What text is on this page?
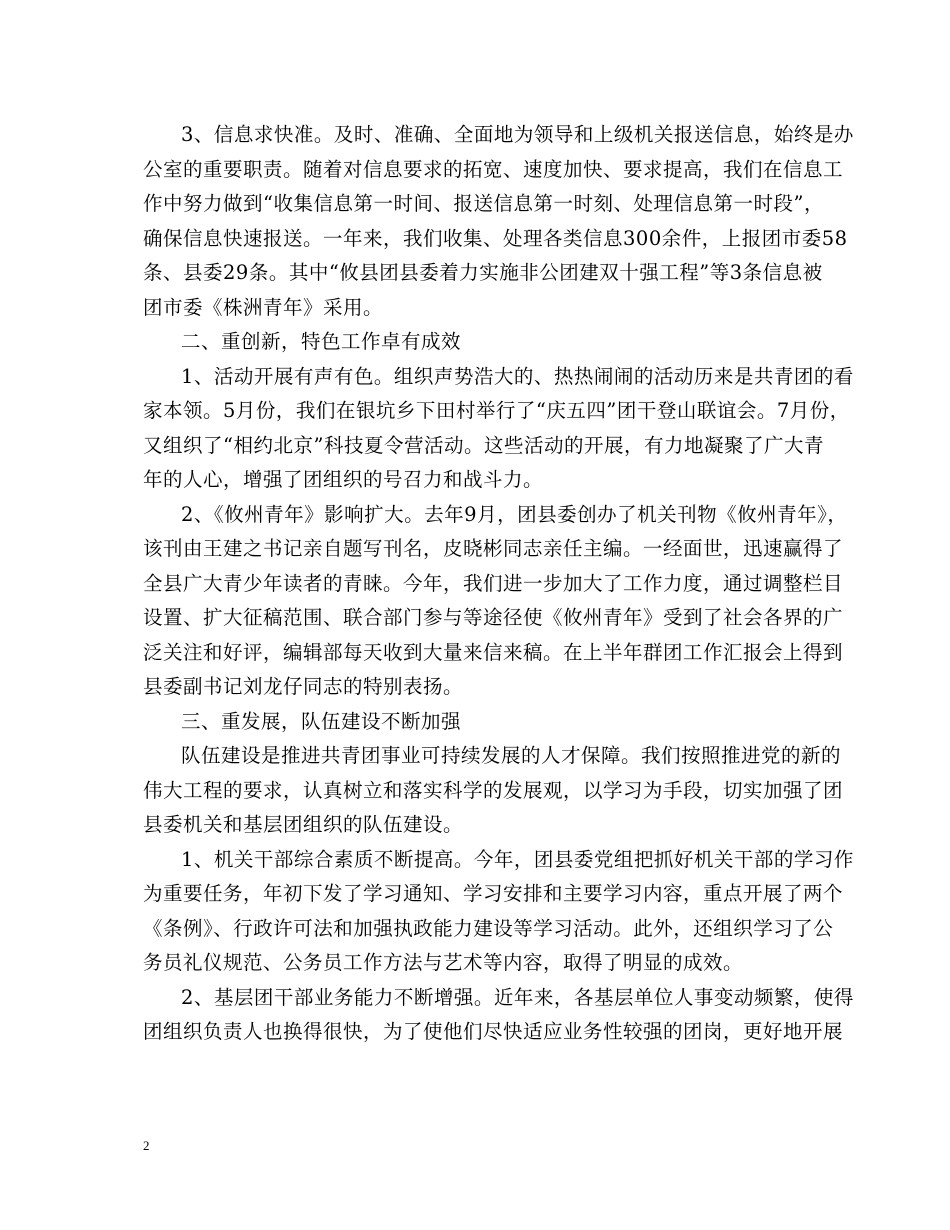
3、信息求快准。及时、准确、全面地为领导和上级机关报送信息，始终是办

公室的重要职责。随着对信息要求的拓宽、速度加快、要求提高，我们在信息工

作中努力做到“收集信息第一时间、报送信息第一时刻、处理信息第一时段”，

确保信息快速报送。一年来，我们收集、处理各类信息300余件，上报团市委58

条、县委29条。其中“攸县团县委着力实施非公团建双十强工程”等3条信息被

团市委《株洲青年》采用。

二、重创新，特色工作卓有成效

1、活动开展有声有色。组织声势浩大的、热热闹闹的活动历来是共青团的看

家本领。5月份，我们在银坑乡下田村举行了“庆五四”团干登山联谊会。7月份，

又组织了“相约北京”科技夏令营活动。这些活动的开展，有力地凝聚了广大青

年的人心，增强了团组织的号召力和战斗力。

2、《攸州青年》影响扩大。去年9月，团县委创办了机关刊物《攸州青年》，

该刊由王建之书记亲自题写刊名，皮晓彬同志亲任主编。一经面世，迅速赢得了

全县广大青少年读者的青睐。今年，我们进一步加大了工作力度，通过调整栏目

设置、扩大征稿范围、联合部门参与等途径使《攸州青年》受到了社会各界的广

泛关注和好评，编辑部每天收到大量来信来稿。在上半年群团工作汇报会上得到

县委副书记刘龙仔同志的特别表扬。

三、重发展，队伍建设不断加强

队伍建设是推进共青团事业可持续发展的人才保障。我们按照推进党的新的

伟大工程的要求，认真树立和落实科学的发展观，以学习为手段，切实加强了团

县委机关和基层团组织的队伍建设。

1、机关干部综合素质不断提高。今年，团县委党组把抓好机关干部的学习作

为重要任务，年初下发了学习通知、学习安排和主要学习内容，重点开展了两个

《条例》、行政许可法和加强执政能力建设等学习活动。此外，还组织学习了公

务员礼仪规范、公务员工作方法与艺术等内容，取得了明显的成效。

2、基层团干部业务能力不断增强。近年来，各基层单位人事变动频繁，使得

团组织负责人也换得很快，为了使他们尽快适应业务性较强的团岗，更好地开展

2
